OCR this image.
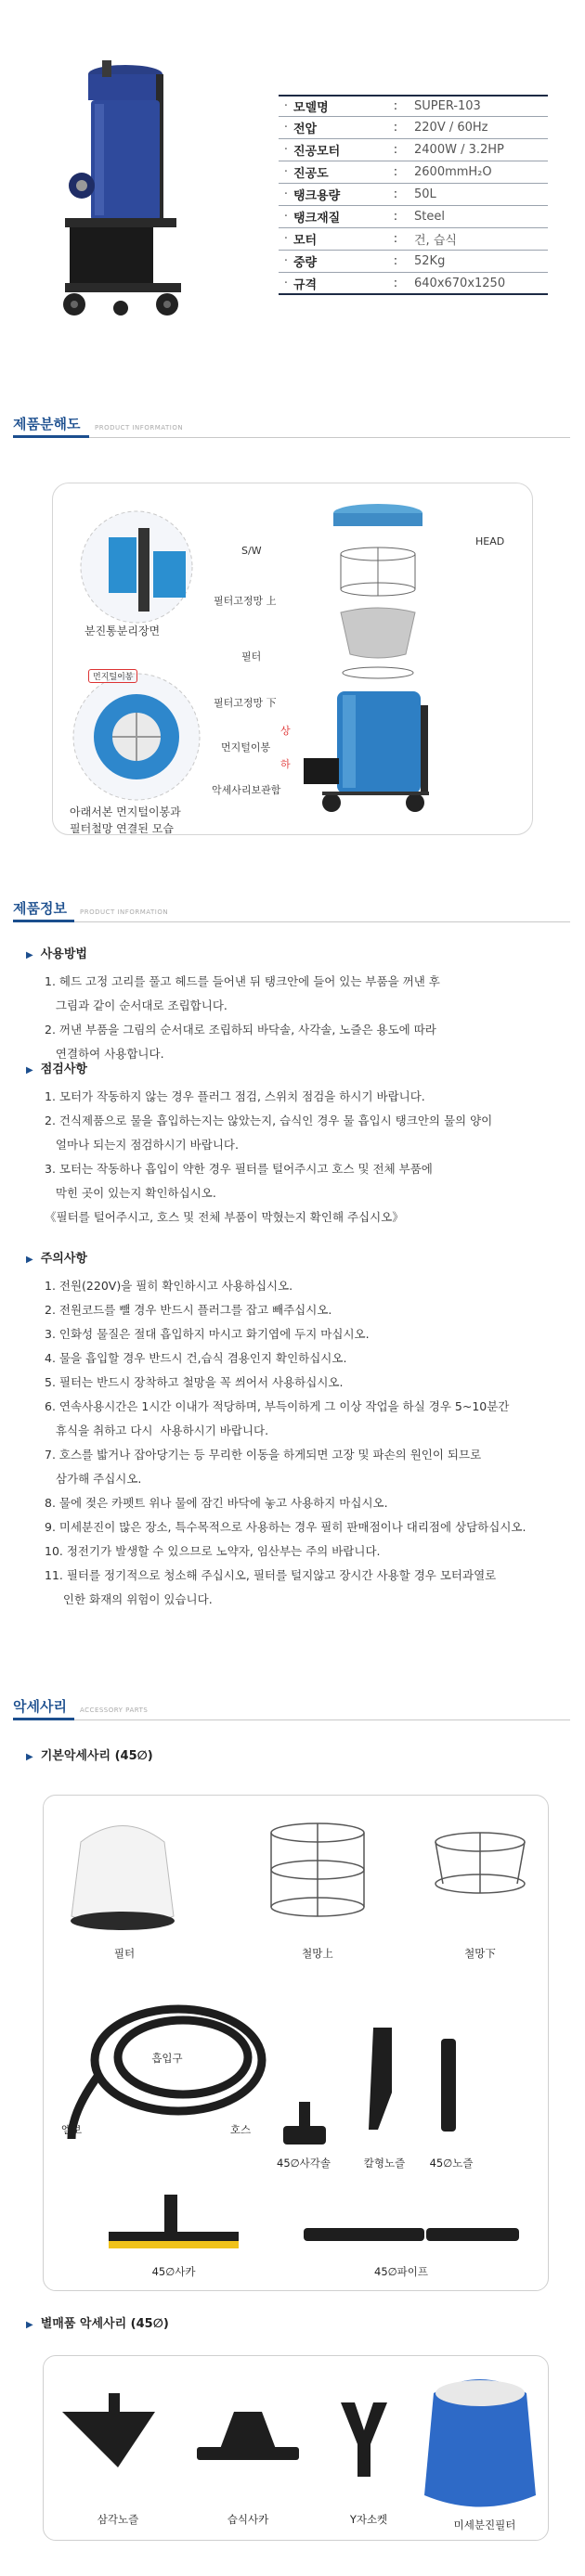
· 모델명	:	SUPER-103
· 전압	:	220V / 60Hz
· 진공모터	:	2400W / 3.2HP
· 진공도	:	2600mmH₂O
· 탱크용량	:	50L
· 탱크재질	:	Steel
· 모터	:	건, 습식
· 중량	:	52Kg
· 규격	:	640x670x1250
제품분해도 PRODUCT INFORMATION
분진통분리장면
먼지털이봉
아래서본 먼지털이봉과
필터철망 연결된 모습
S/W
HEAD
필터고정망 上
필터
필터고정망 下
상
먼지털이봉
하
악세사리보관함
제품정보 PRODUCT INFORMATION
▶ 사용방법
1. 헤드 고정 고리를 풀고 헤드를 들어낸 뒤 탱크안에 들어 있는 부품을 꺼낸 후
그림과 같이 순서대로 조립합니다.
2. 꺼낸 부품을 그림의 순서대로 조립하되 바닥솔, 사각솔, 노즐은 용도에 따라
연결하여 사용합니다.
▶ 점검사항
1. 모터가 작동하지 않는 경우 플러그 점검, 스위치 점검을 하시기 바랍니다.
2. 건식제품으로 물을 흡입하는지는 않았는지, 습식인 경우 물 흡입시 탱크안의 물의 양이
얼마나 되는지 점검하시기 바랍니다.
3. 모터는 작동하나 흡입이 약한 경우 필터를 털어주시고 호스 및 전체 부품에
막힌 곳이 있는지 확인하십시오.
《필터를 털어주시고, 호스 및 전체 부품이 막혔는지 확인해 주십시오》
▶ 주의사항
1. 전원(220V)을 필히 확인하시고 사용하십시오.
2. 전원코드를 뺄 경우 반드시 플러그를 잡고 빼주십시오.
3. 인화성 물질은 절대 흡입하지 마시고 화기엽에 두지 마십시오.
4. 물을 흡입할 경우 반드시 건,습식 겸용인지 확인하십시오.
5. 필터는 반드시 장착하고 철망을 꼭 씌어서 사용하십시오.
6. 연속사용시간은 1시간 이내가 적당하며, 부득이하게 그 이상 작업을 하실 경우 5~10분간
휴식을 취하고 다시  사용하시기 바랍니다.
7. 호스를 밟거나 잡아당기는 등 무리한 이동을 하게되면 고장 및 파손의 원인이 되므로
삼가해 주십시오.
8. 물에 젖은 카펫트 위나 물에 잠긴 바닥에 놓고 사용하지 마십시오.
9. 미세분진이 많은 장소, 특수목적으로 사용하는 경우 필히 판매점이나 대리점에 상담하십시오.
10. 정전기가 발생할 수 있으므로 노약자, 임산부는 주의 바랍니다.
11. 필터를 정기적으로 청소해 주십시오, 필터를 털지않고 장시간 사용할 경우 모터과열로
인한 화재의 위험이 있습니다.
악세사리 ACCESSORY PARTS
▶ 기본악세사리 (45∅)
필터	철망上	철망下
흡입구
엘보	호스
45∅사각솔	칼형노즐	45∅노즐
45∅사카	45∅파이프
▶ 별매품 악세사리 (45∅)
삼각노즐	습식사카	Y자소켓	미세분진필터
